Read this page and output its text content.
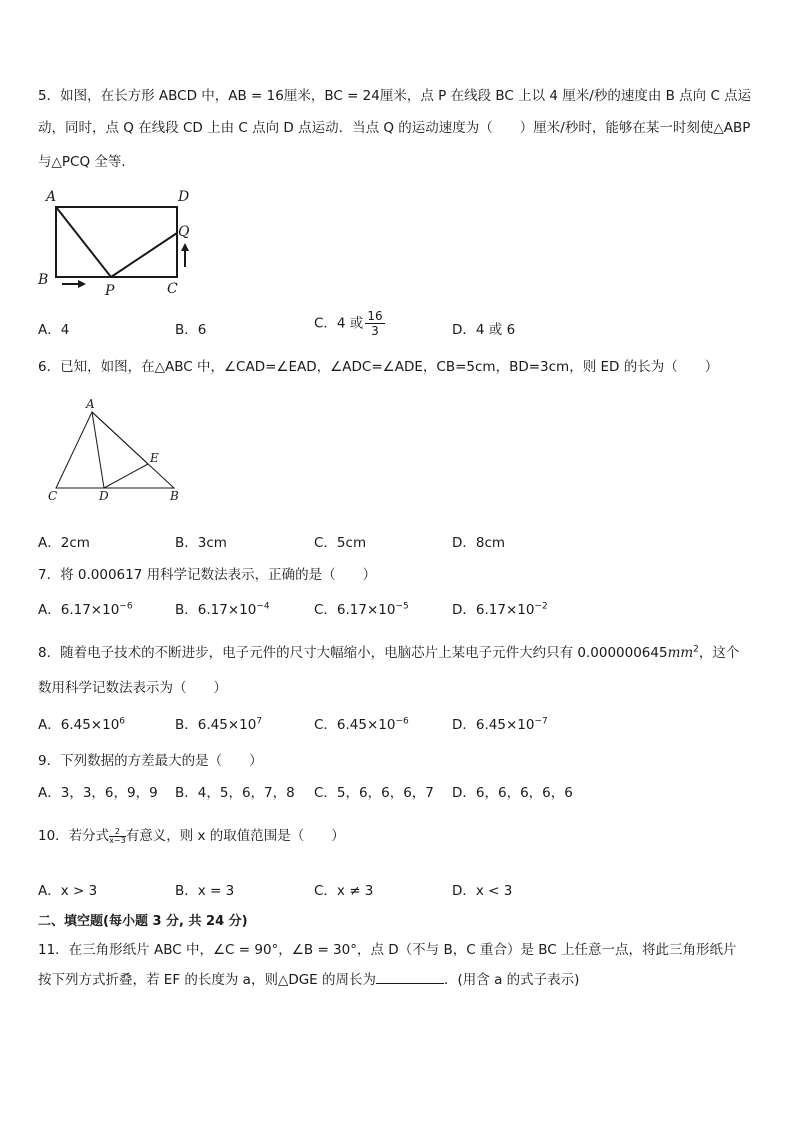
5．如图，在长方形 ABCD 中，AB = 16厘米，BC = 24厘米，点 P 在线段 BC 上以 4 厘米/秒的速度由 B 点向 C 点运
动，同时，点 Q 在线段 CD 上由 C 点向 D 点运动．当点 Q 的运动速度为（　　）厘米/秒时，能够在某一时刻使△ABP
与△PCQ 全等．
A	D
Q
B
P	C
A．4	B．6	C．4 或 $\frac{16}{3}$	D．4 或 6
6．已知，如图，在△ABC 中，∠CAD=∠EAD，∠ADC=∠ADE，CB=5cm，BD=3cm，则 ED 的长为（　　）
A
E
C	D	B
A．2cm	B．3cm	C．5cm	D．8cm
7．将 0.000617 用科学记数法表示，正确的是（　　）
A．$6.17\times 10^{-6}$	B．$6.17\times 10^{-4}$	C．$6.17\times 10^{-5}$	D．$6.17\times 10^{-2}$
8．随着电子技术的不断进步，电子元件的尺寸大幅缩小，电脑芯片上某电子元件大约只有 $0.000000645mm^2$，这个
数用科学记数法表示为（　　）
A．$6.45\times 10^6$	B．$6.45\times 10^7$	C．$6.45\times 10^{-6}$	D．$6.45\times 10^{-7}$
9．下列数据的方差最大的是（　　）
A．3，3，6，9，9 B．4，5，6，7，8 C．5，6，6，6，7 D．6，6，6，6，6
10．若分式 $\frac{2}{x-3}$有意义，则 x 的取值范围是（　　）
A．x > 3	B．x = 3	C．x ≠ 3	D．x < 3
二、填空题(每小题 3 分, 共 24 分)
11．在三角形纸片 ABC 中，∠C = 90°，∠B = 30°，点 D（不与 B，C 重合）是 BC 上任意一点，将此三角形纸片
按下列方式折叠，若 EF 的长度为 a，则△DGE 的周长为	．(用含 a 的式子表示)
